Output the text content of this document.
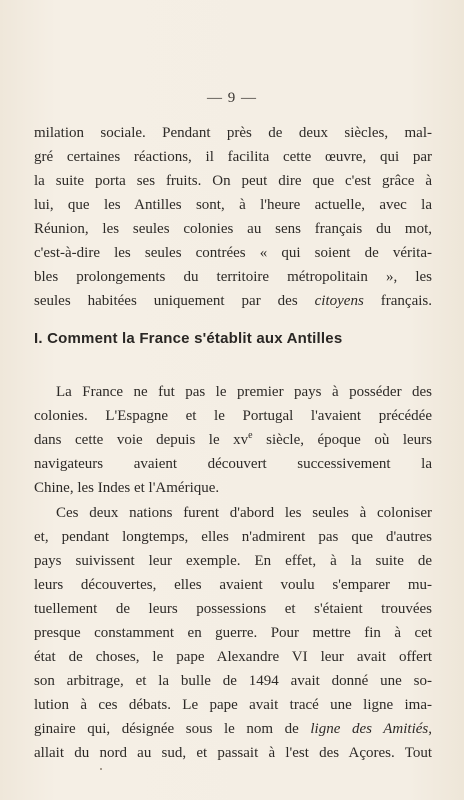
— 9 —
milation sociale. Pendant près de deux siècles, mal-
gré certaines réactions, il facilita cette œuvre, qui par
la suite porta ses fruits. On peut dire que c'est grâce à
lui, que les Antilles sont, à l'heure actuelle, avec la
Réunion, les seules colonies au sens français du mot,
c'est-à-dire les seules contrées « qui soient de vérita-
bles prolongements du territoire métropolitain », les
seules habitées uniquement par des citoyens français.
I. Comment la France s'établit aux Antilles
La France ne fut pas le premier pays à posséder des
colonies. L'Espagne et le Portugal l'avaient précédée
dans cette voie depuis le $xv^e$ siècle, époque où leurs
navigateurs avaient découvert successivement la
Chine, les Indes et l'Amérique.
Ces deux nations furent d'abord les seules à coloniser
et, pendant longtemps, elles n'admirent pas que d'autres
pays suivissent leur exemple. En effet, à la suite de
leurs découvertes, elles avaient voulu s'emparer mu-
tuellement de leurs possessions et s'étaient trouvées
presque constamment en guerre. Pour mettre fin à cet
état de choses, le pape Alexandre VI leur avait offert
son arbitrage, et la bulle de 1494 avait donné une so-
lution à ces débats. Le pape avait tracé une ligne ima-
ginaire qui, désignée sous le nom de ligne des Amitiés,
allait du nord au sud, et passait à l'est des Açores. Tout
